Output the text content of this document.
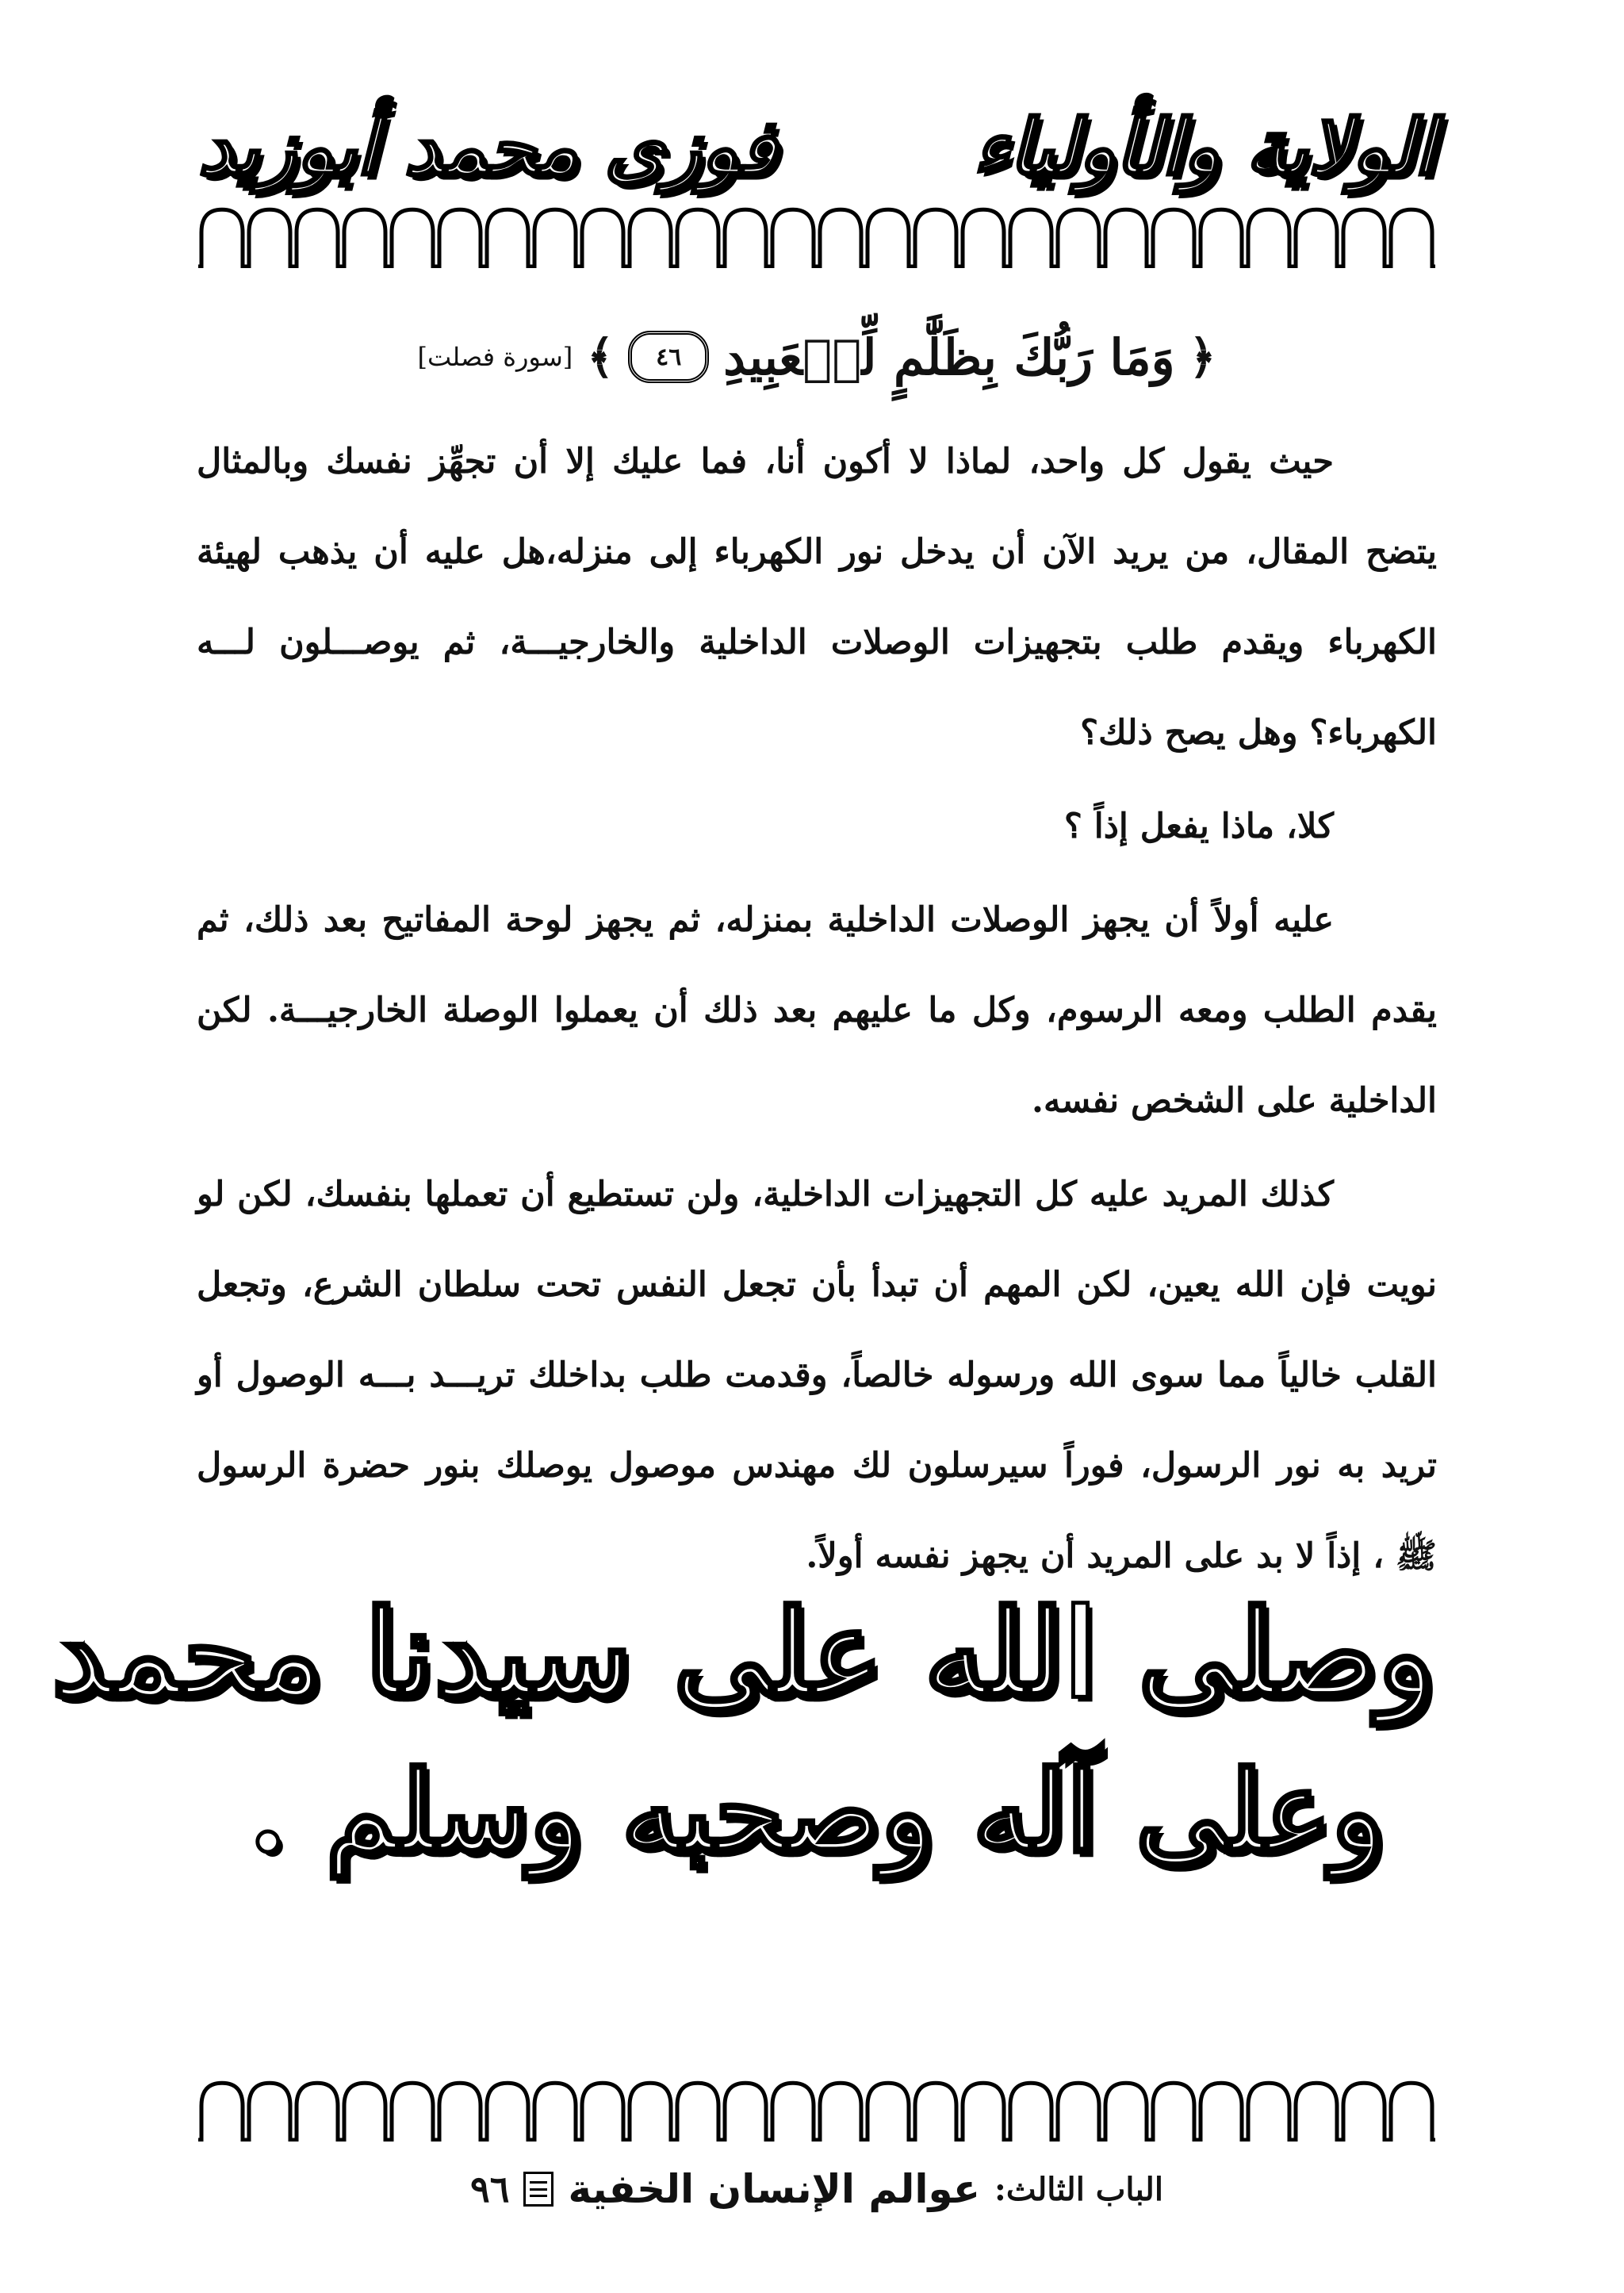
الولاية والأولياء
فوزى محمد أبوزيد
﴿
وَمَا رَبُّكَ بِظَلَّٰمٍ لِّلۡعَبِيدِ
٤٦
﴾
[سورة فصلت]

حيث يقول كل واحد، لماذا لا أكون أنا، فما عليك إلا أن تجهِّز نفسك وبالمثال يتضح المقال، من يريد الآن أن يدخل نور الكهرباء إلى منزله،هل عليه أن يذهب لهيئة الكهرباء ويقدم طلب بتجهيزات الوصلات الداخلية والخارجيـــة، ثم يوصـــلون لـــه الكهرباء؟ وهل يصح ذلك؟

كلا، ماذا يفعل إذاً ؟

عليه أولاً أن يجهز الوصلات الداخلية بمنزله، ثم يجهز لوحة المفاتيح بعد ذلك، ثم يقدم الطلب ومعه الرسوم، وكل ما عليهم بعد ذلك أن يعملوا الوصلة الخارجيـــة. لكن الداخلية على الشخص نفسه.

كذلك المريد عليه كل التجهيزات الداخلية، ولن تستطيع أن تعملها بنفسك، لكن لو نويت فإن الله يعين، لكن المهم أن تبدأ بأن تجعل النفس تحت سلطان الشرع، وتجعل القلب خالياً مما سوى الله ورسوله خالصاً، وقدمت طلب بداخلك تريـــد بـــه الوصول أو تريد به نور الرسول، فوراً سيرسلون لك مهندس موصول يوصلك بنور حضرة الرسول ﷺ ، إذاً لا بد على المريد أن يجهز نفسه أولاً.

وصلى الله على سيدنا محمد
وعلى آله وصحبه وسلم .
الباب الثالث:
عوالم الإنسان الخفية
٩٦
